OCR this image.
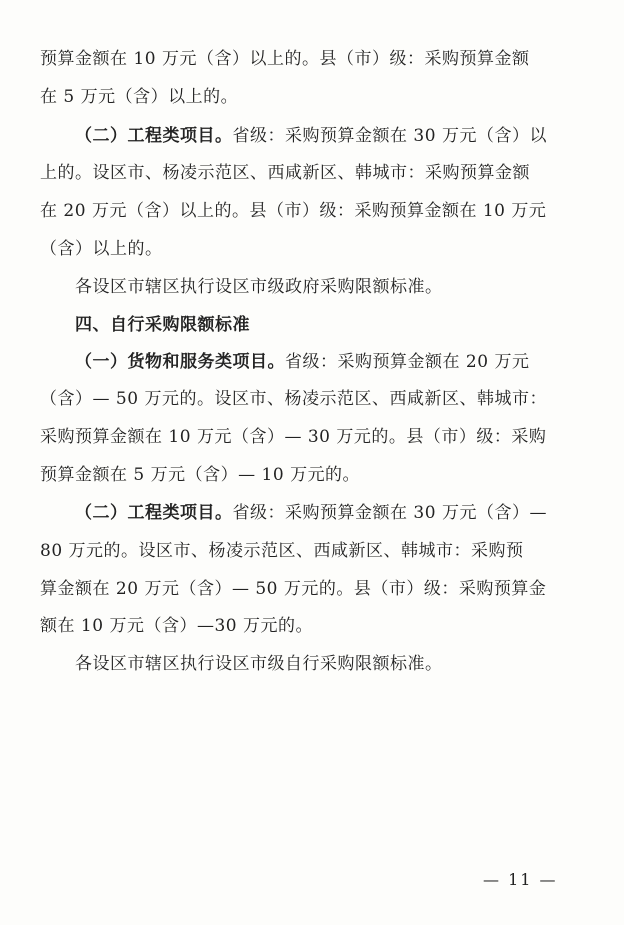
预算金额在 10 万元（含）以上的。县（市）级：采购预算金额
在 5 万元（含）以上的。
（二）工程类项目。省级：采购预算金额在 30 万元（含）以
上的。设区市、杨凌示范区、西咸新区、韩城市：采购预算金额
在 20 万元（含）以上的。县（市）级：采购预算金额在 10 万元
（含）以上的。
各设区市辖区执行设区市级政府采购限额标准。
四、自行采购限额标准
（一）货物和服务类项目。省级：采购预算金额在 20 万元
（含）— 50 万元的。设区市、杨凌示范区、西咸新区、韩城市：
采购预算金额在 10 万元（含）— 30 万元的。县（市）级：采购
预算金额在 5 万元（含）— 10 万元的。
（二）工程类项目。省级：采购预算金额在 30 万元（含）—
80 万元的。设区市、杨凌示范区、西咸新区、韩城市：采购预
算金额在 20 万元（含）— 50 万元的。县（市）级：采购预算金
额在 10 万元（含）—30 万元的。
各设区市辖区执行设区市级自行采购限额标准。
— 11 —
